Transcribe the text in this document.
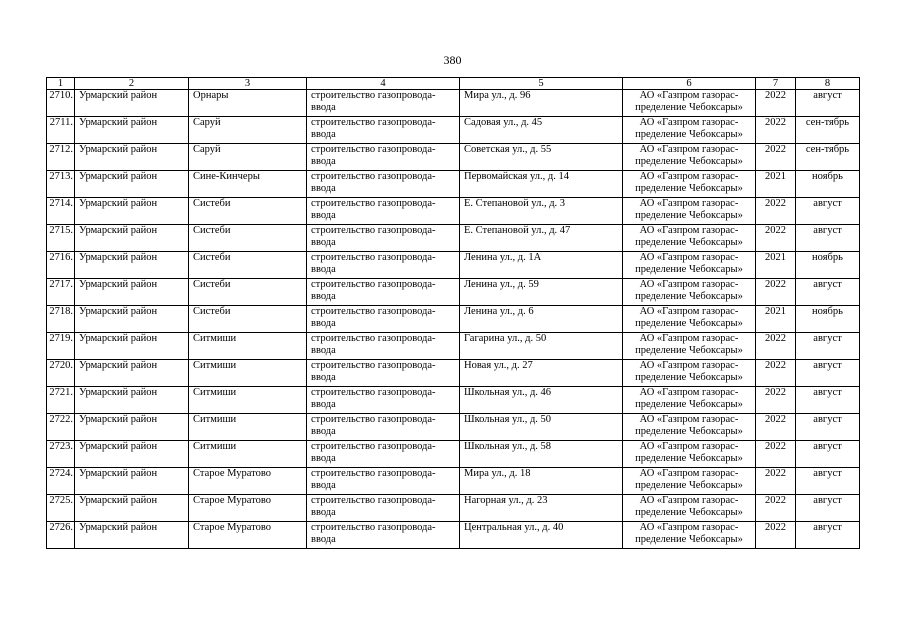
380
1	2	3	4	5	6	7	8
2710.	Урмарский район	Орнары	строительство газопровода-ввода	Мира ул., д. 96	АО «Газпром газорас-пределение Чебоксары»	2022	август
2711.	Урмарский район	Саруй	строительство газопровода-ввода	Садовая ул., д. 45	АО «Газпром газорас-пределение Чебоксары»	2022	сен-тябрь
2712.	Урмарский район	Саруй	строительство газопровода-ввода	Советская ул., д. 55	АО «Газпром газорас-пределение Чебоксары»	2022	сен-тябрь
2713.	Урмарский район	Сине-Кинчеры	строительство газопровода-ввода	Первомайская ул., д. 14	АО «Газпром газорас-пределение Чебоксары»	2021	ноябрь
2714.	Урмарский район	Систеби	строительство газопровода-ввода	Е. Степановой ул., д. 3	АО «Газпром газорас-пределение Чебоксары»	2022	август
2715.	Урмарский район	Систеби	строительство газопровода-ввода	Е. Степановой ул., д. 47	АО «Газпром газорас-пределение Чебоксары»	2022	август
2716.	Урмарский район	Систеби	строительство газопровода-ввода	Ленина ул., д. 1А	АО «Газпром газорас-пределение Чебоксары»	2021	ноябрь
2717.	Урмарский район	Систеби	строительство газопровода-ввода	Ленина ул., д. 59	АО «Газпром газорас-пределение Чебоксары»	2022	август
2718.	Урмарский район	Систеби	строительство газопровода-ввода	Ленина ул., д. 6	АО «Газпром газорас-пределение Чебоксары»	2021	ноябрь
2719.	Урмарский район	Ситмиши	строительство газопровода-ввода	Гагарина ул., д. 50	АО «Газпром газорас-пределение Чебоксары»	2022	август
2720.	Урмарский район	Ситмиши	строительство газопровода-ввода	Новая ул., д. 27	АО «Газпром газорас-пределение Чебоксары»	2022	август
2721.	Урмарский район	Ситмиши	строительство газопровода-ввода	Школьная ул., д. 46	АО «Газпром газорас-пределение Чебоксары»	2022	август
2722.	Урмарский район	Ситмиши	строительство газопровода-ввода	Школьная ул., д. 50	АО «Газпром газорас-пределение Чебоксары»	2022	август
2723.	Урмарский район	Ситмиши	строительство газопровода-ввода	Школьная ул., д. 58	АО «Газпром газорас-пределение Чебоксары»	2022	август
2724.	Урмарский район	Старое Муратово	строительство газопровода-ввода	Мира ул., д. 18	АО «Газпром газорас-пределение Чебоксары»	2022	август
2725.	Урмарский район	Старое Муратово	строительство газопровода-ввода	Нагорная ул., д. 23	АО «Газпром газорас-пределение Чебоксары»	2022	август
2726.	Урмарский район	Старое Муратово	строительство газопровода-ввода	Центральная ул., д. 40	АО «Газпром газорас-пределение Чебоксары»	2022	август
